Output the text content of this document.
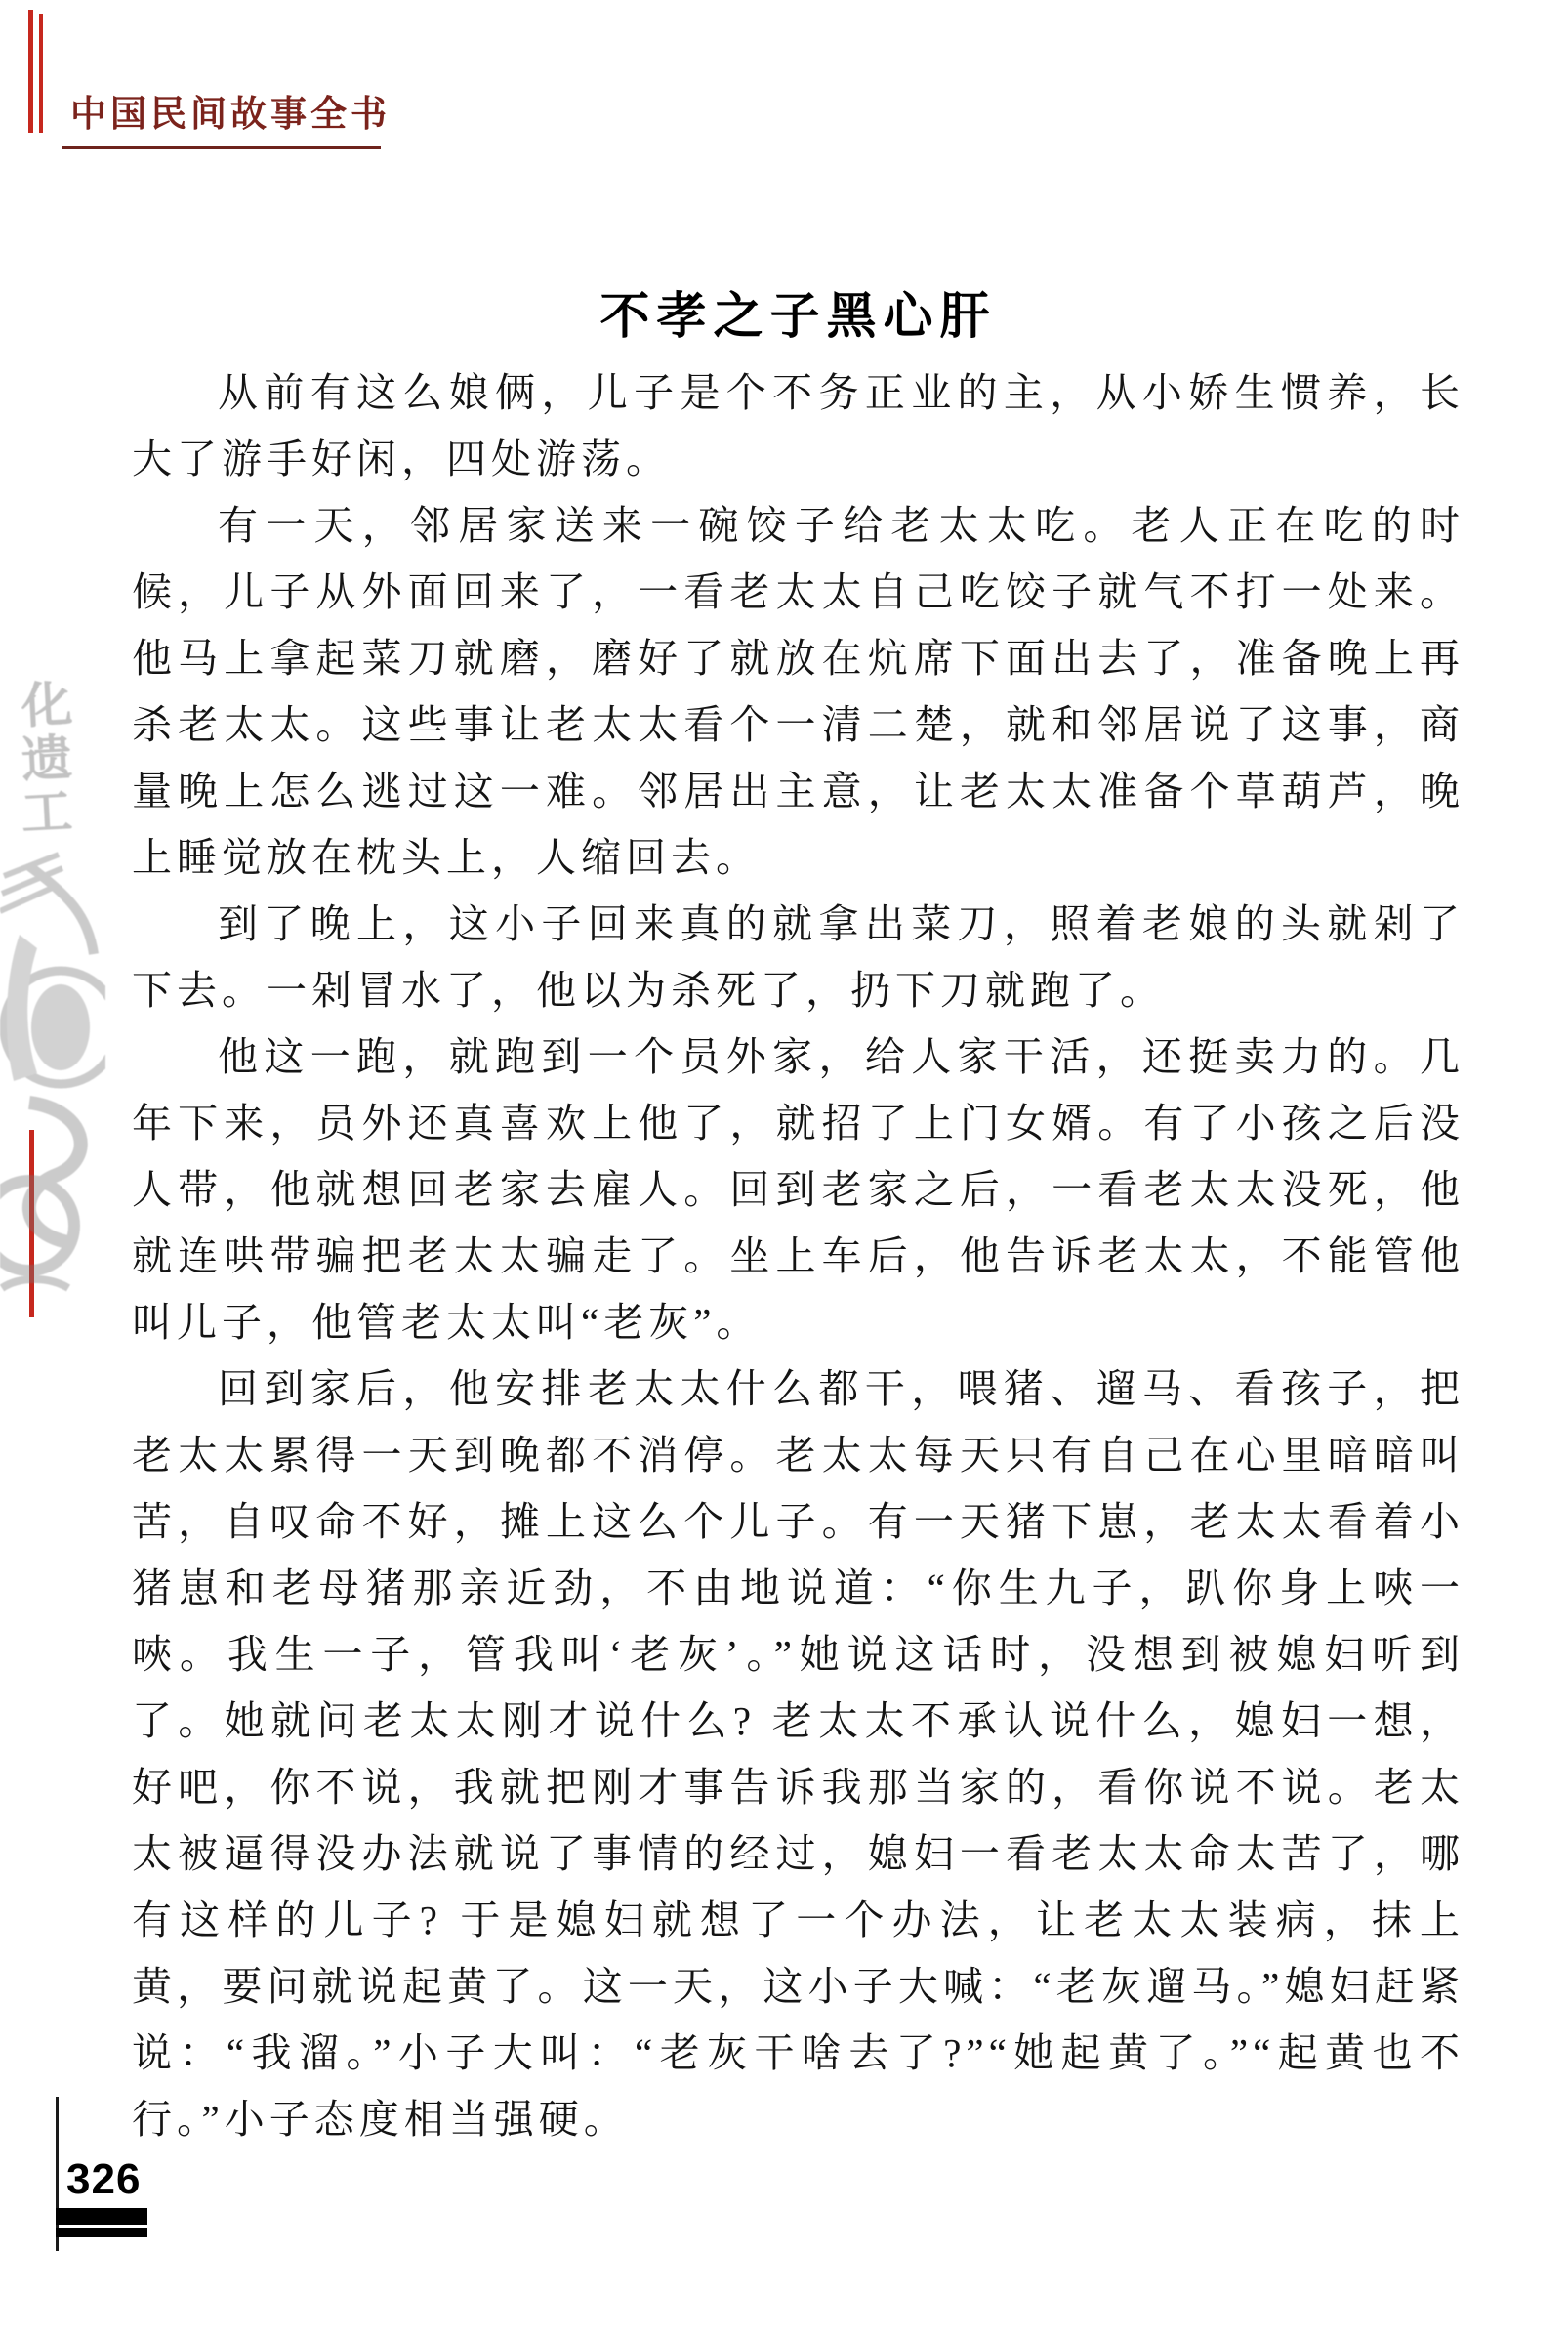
中国民间故事全书
不孝之子黑心肝
化
遗
工

从前有这么娘俩，儿子是个不务正业的主，从小娇生惯养，长大了游手好闲，四处游荡。

有一天，邻居家送来一碗饺子给老太太吃。老人正在吃的时候，儿子从外面回来了，一看老太太自己吃饺子就气不打一处来。他马上拿起菜刀就磨，磨好了就放在炕席下面出去了，准备晚上再杀老太太。这些事让老太太看个一清二楚，就和邻居说了这事，商量晚上怎么逃过这一难。邻居出主意，让老太太准备个草葫芦，晚上睡觉放在枕头上，人缩回去。

到了晚上，这小子回来真的就拿出菜刀，照着老娘的头就剁了下去。一剁冒水了，他以为杀死了，扔下刀就跑了。

他这一跑，就跑到一个员外家，给人家干活，还挺卖力的。几年下来，员外还真喜欢上他了，就招了上门女婿。有了小孩之后没人带，他就想回老家去雇人。回到老家之后，一看老太太没死，他就连哄带骗把老太太骗走了。坐上车后，他告诉老太太，不能管他叫儿子，他管老太太叫“老灰”。

回到家后，他安排老太太什么都干，喂猪、遛马、看孩子，把老太太累得一天到晚都不消停。老太太每天只有自己在心里暗暗叫苦，自叹命不好，摊上这么个儿子。有一天猪下崽，老太太看着小猪崽和老母猪那亲近劲，不由地说道：“你生九子，趴你身上唊一唊。我生一子，管我叫‘老灰’。”她说这话时，没想到被媳妇听到了。她就问老太太刚才说什么? 老太太不承认说什么，媳妇一想，好吧，你不说，我就把刚才事告诉我那当家的，看你说不说。老太太被逼得没办法就说了事情的经过，媳妇一看老太太命太苦了，哪有这样的儿子? 于是媳妇就想了一个办法，让老太太装病，抹上黄，要问就说起黄了。这一天，这小子大喊：“老灰遛马。”媳妇赶紧说：“我溜。”小子大叫：“老灰干啥去了?”“她起黄了。”“起黄也不行。”小子态度相当强硬。

326
